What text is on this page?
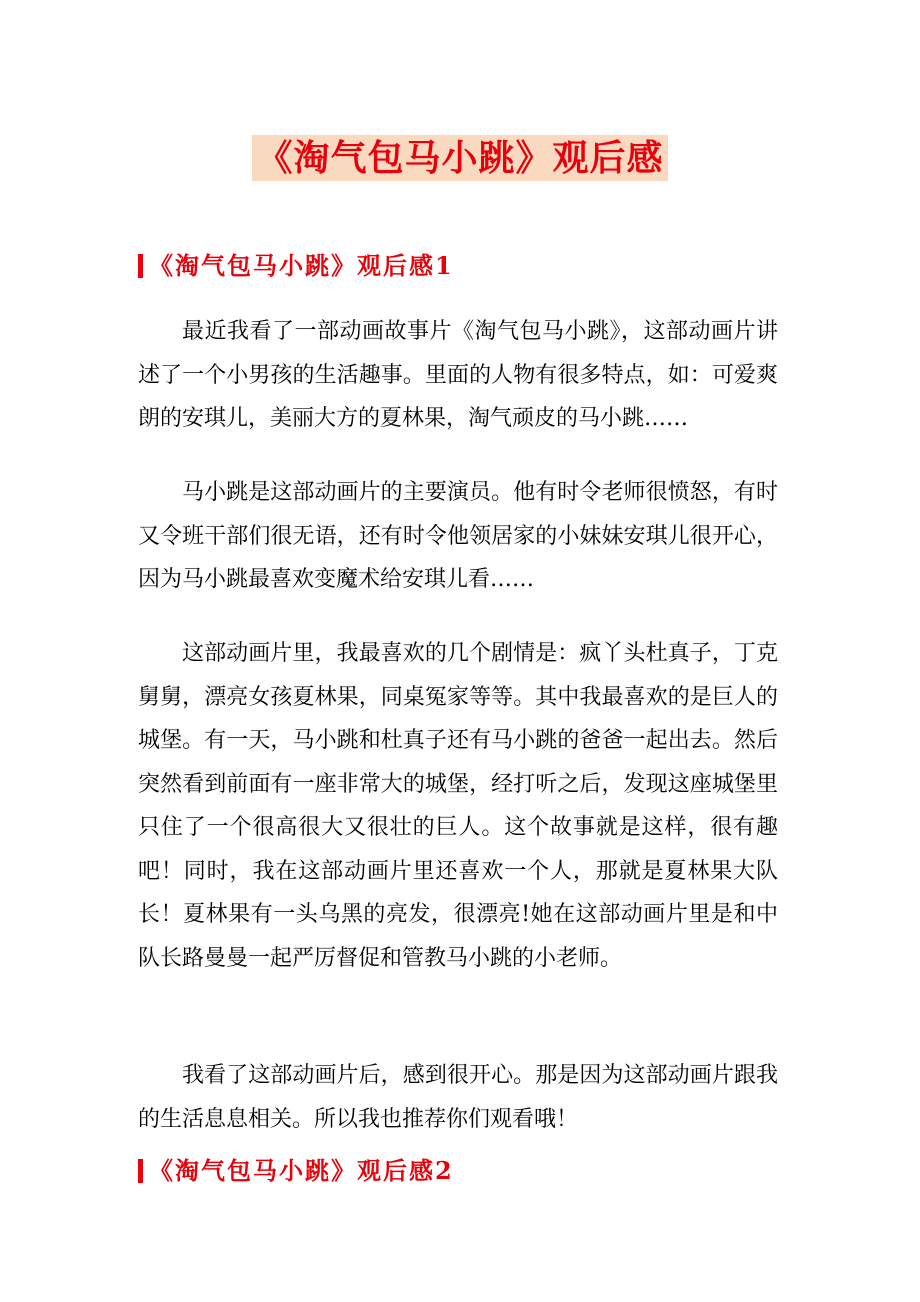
《淘气包马小跳》观后感
《淘气包马小跳》观后感1

最近我看了一部动画故事片《淘气包马小跳》，这部动画片讲述了一个小男孩的生活趣事。里面的人物有很多特点，如：可爱爽朗的安琪儿，美丽大方的夏林果，淘气顽皮的马小跳……

马小跳是这部动画片的主要演员。他有时令老师很愤怒，有时又令班干部们很无语，还有时令他领居家的小妹妹安琪儿很开心，因为马小跳最喜欢变魔术给安琪儿看……

这部动画片里，我最喜欢的几个剧情是：疯丫头杜真子，丁克舅舅，漂亮女孩夏林果，同桌冤家等等。其中我最喜欢的是巨人的城堡。有一天，马小跳和杜真子还有马小跳的爸爸一起出去。然后突然看到前面有一座非常大的城堡，经打听之后，发现这座城堡里只住了一个很高很大又很壮的巨人。这个故事就是这样，很有趣吧！同时，我在这部动画片里还喜欢一个人，那就是夏林果大队长！夏林果有一头乌黑的亮发，很漂亮!她在这部动画片里是和中队长路曼曼一起严厉督促和管教马小跳的小老师。

我看了这部动画片后，感到很开心。那是因为这部动画片跟我的生活息息相关。所以我也推荐你们观看哦！

《淘气包马小跳》观后感2
